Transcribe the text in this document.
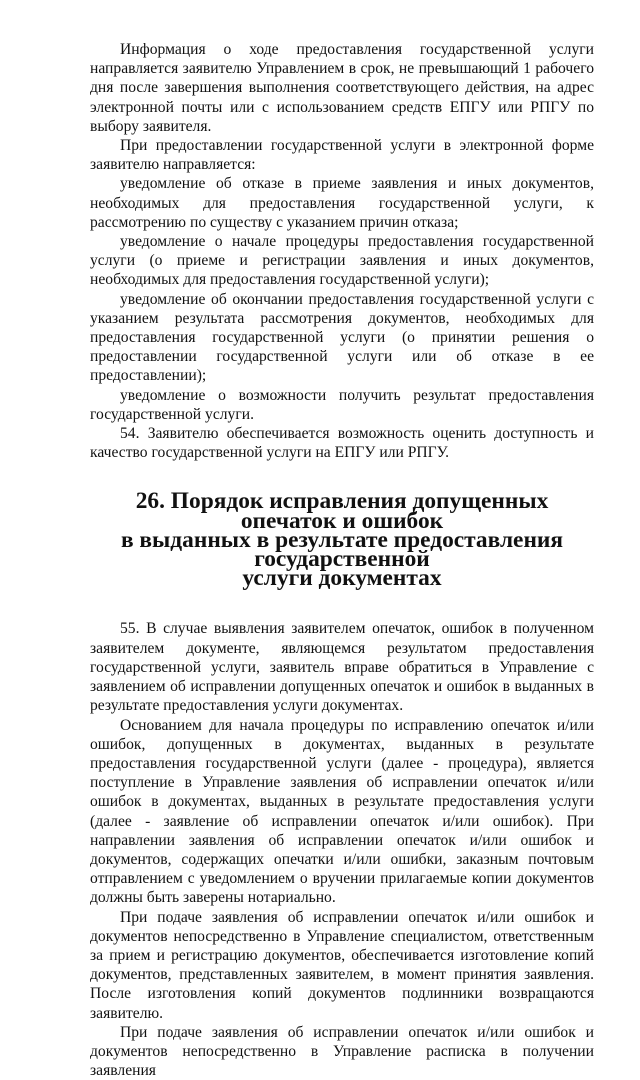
Информация о ходе предоставления государственной услуги направляется заявителю Управлением в срок, не превышающий 1 рабочего дня после завершения выполнения соответствующего действия, на адрес электронной почты или с использованием средств ЕПГУ или РПГУ по выбору заявителя.

При предоставлении государственной услуги в электронной форме заявителю направляется:

уведомление об отказе в приеме заявления и иных документов, необходимых для предоставления государственной услуги, к рассмотрению по существу с указанием причин отказа;

уведомление о начале процедуры предоставления государственной услуги (о приеме и регистрации заявления и иных документов, необходимых для предоставления государственной услуги);

уведомление об окончании предоставления государственной услуги с указанием результата рассмотрения документов, необходимых для предоставления государственной услуги (о принятии решения о предоставлении государственной услуги или об отказе в ее предоставлении);

уведомление о возможности получить результат предоставления государственной услуги.

54. Заявителю обеспечивается возможность оценить доступность и качество государственной услуги на ЕПГУ или РПГУ.

26. Порядок исправления допущенных опечаток и ошибок
в выданных в результате предоставления государственной
услуги документах

55. В случае выявления заявителем опечаток, ошибок в полученном заявителем документе, являющемся результатом предоставления государственной услуги, заявитель вправе обратиться в Управление с заявлением об исправлении допущенных опечаток и ошибок в выданных в результате предоставления услуги документах.

Основанием для начала процедуры по исправлению опечаток и/или ошибок, допущенных в документах, выданных в результате предоставления государственной услуги (далее - процедура), является поступление в Управление заявления об исправлении опечаток и/или ошибок в документах, выданных в результате предоставления услуги (далее - заявление об исправлении опечаток и/или ошибок). При направлении заявления об исправлении опечаток и/или ошибок и документов, содержащих опечатки и/или ошибки, заказным почтовым отправлением с уведомлением о вручении прилагаемые копии документов должны быть заверены нотариально.

При подаче заявления об исправлении опечаток и/или ошибок и документов непосредственно в Управление специалистом, ответственным за прием и регистрацию документов, обеспечивается изготовление копий документов, представленных заявителем, в момент принятия заявления. После изготовления копий документов подлинники возвращаются заявителю.

При подаче заявления об исправлении опечаток и/или ошибок и документов непосредственно в Управление расписка в получении заявления
